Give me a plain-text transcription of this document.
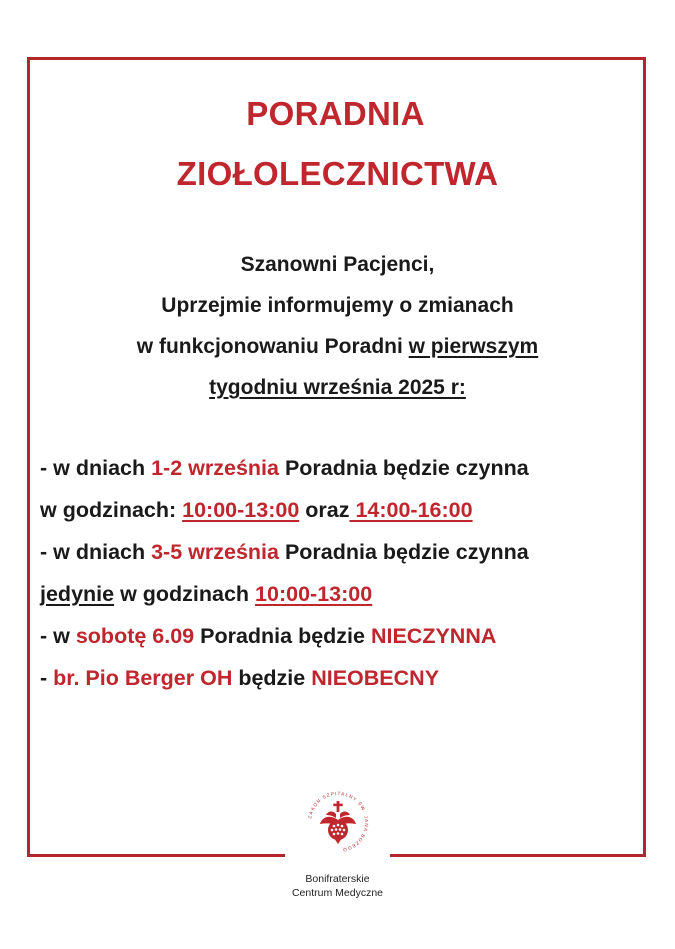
PORADNIA
ZIOŁOLECZNICTWA
Szanowni Pacjenci,
Uprzejmie informujemy o zmianach
w funkcjonowaniu Poradni w pierwszym
tygodniu września 2025 r:
- w dniach 1-2 września Poradnia będzie czynna
w godzinach: 10:00-13:00 oraz 14:00-16:00
- w dniach 3-5 września Poradnia będzie czynna
jedynie w godzinach 10:00-13:00
- w sobotę 6.09 Poradnia będzie NIECZYNNA
- br. Pio Berger OH będzie NIEOBECNY
ZAKON SZPITALNY ŚW. JANA BOŻEGO
Bonifraterskie
Centrum Medyczne
